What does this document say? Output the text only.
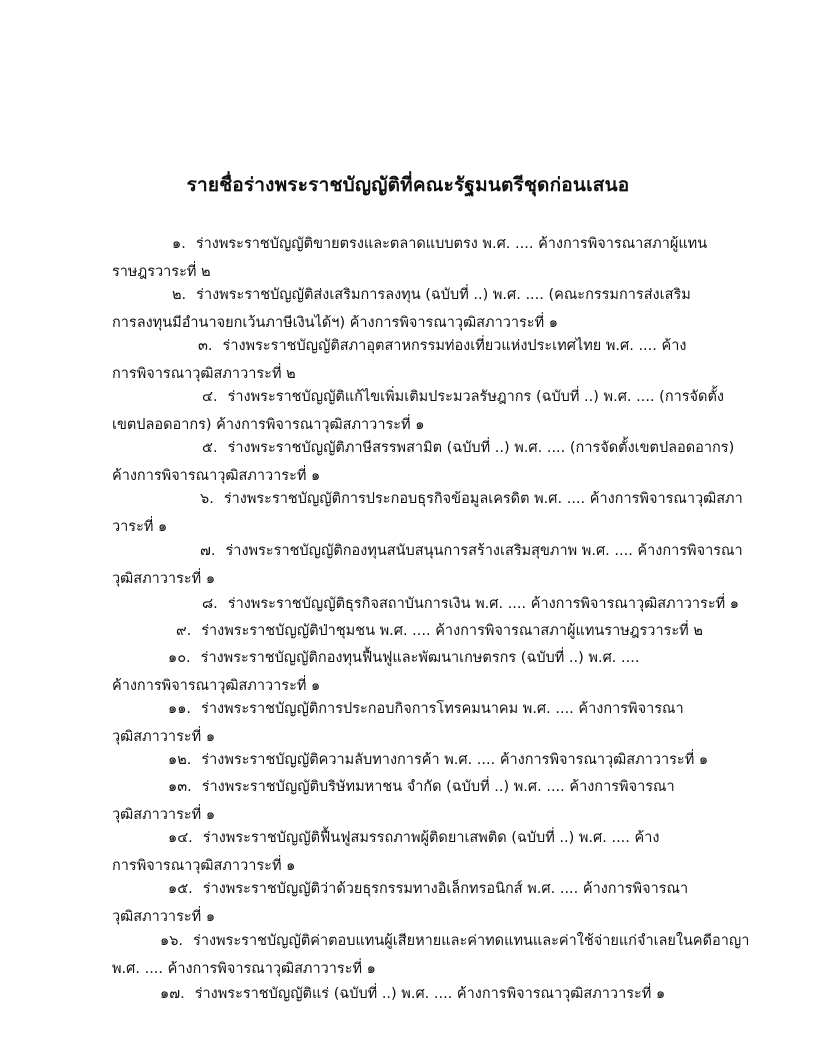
รายชื่อร่างพระราชบัญญัติที่คณะรัฐมนตรีชุดก่อนเสนอ
๑. ร่างพระราชบัญญัติขายตรงและตลาดแบบตรง พ.ศ. .... ค้างการพิจารณาสภาผู้แทน
ราษฎรวาระที่ ๒
๒. ร่างพระราชบัญญัติส่งเสริมการลงทุน (ฉบับที่ ..) พ.ศ. .... (คณะกรรมการส่งเสริม
การลงทุนมีอำนาจยกเว้นภาษีเงินได้ฯ) ค้างการพิจารณาวุฒิสภาวาระที่ ๑
๓. ร่างพระราชบัญญัติสภาอุตสาหกรรมท่องเที่ยวแห่งประเทศไทย พ.ศ. .... ค้าง
การพิจารณาวุฒิสภาวาระที่ ๒
๔. ร่างพระราชบัญญัติแก้ไขเพิ่มเติมประมวลรัษฎากร (ฉบับที่ ..) พ.ศ. .... (การจัดตั้ง
เขตปลอดอากร) ค้างการพิจารณาวุฒิสภาวาระที่ ๑
๕. ร่างพระราชบัญญัติภาษีสรรพสามิต (ฉบับที่ ..) พ.ศ. .... (การจัดตั้งเขตปลอดอากร)
ค้างการพิจารณาวุฒิสภาวาระที่ ๑
๖. ร่างพระราชบัญญัติการประกอบธุรกิจข้อมูลเครดิต พ.ศ. .... ค้างการพิจารณาวุฒิสภา
วาระที่ ๑
๗. ร่างพระราชบัญญัติกองทุนสนับสนุนการสร้างเสริมสุขภาพ พ.ศ. .... ค้างการพิจารณา
วุฒิสภาวาระที่ ๑
๘. ร่างพระราชบัญญัติธุรกิจสถาบันการเงิน พ.ศ. .... ค้างการพิจารณาวุฒิสภาวาระที่ ๑
๙. ร่างพระราชบัญญัติป่าชุมชน พ.ศ. .... ค้างการพิจารณาสภาผู้แทนราษฎรวาระที่ ๒
๑๐. ร่างพระราชบัญญัติกองทุนฟื้นฟูและพัฒนาเกษตรกร (ฉบับที่ ..) พ.ศ. ....
ค้างการพิจารณาวุฒิสภาวาระที่ ๑
๑๑. ร่างพระราชบัญญัติการประกอบกิจการโทรคมนาคม พ.ศ. .... ค้างการพิจารณา
วุฒิสภาวาระที่ ๑
๑๒. ร่างพระราชบัญญัติความลับทางการค้า พ.ศ. .... ค้างการพิจารณาวุฒิสภาวาระที่ ๑
๑๓. ร่างพระราชบัญญัติบริษัทมหาชน จำกัด (ฉบับที่ ..) พ.ศ. .... ค้างการพิจารณา
วุฒิสภาวาระที่ ๑
๑๔. ร่างพระราชบัญญัติฟื้นฟูสมรรถภาพผู้ติดยาเสพติด (ฉบับที่ ..) พ.ศ. .... ค้าง
การพิจารณาวุฒิสภาวาระที่ ๑
๑๕. ร่างพระราชบัญญัติว่าด้วยธุรกรรมทางอิเล็กทรอนิกส์ พ.ศ. .... ค้างการพิจารณา
วุฒิสภาวาระที่ ๑
๑๖. ร่างพระราชบัญญัติค่าตอบแทนผู้เสียหายและค่าทดแทนและค่าใช้จ่ายแก่จำเลยในคดีอาญา
พ.ศ. .... ค้างการพิจารณาวุฒิสภาวาระที่ ๑
๑๗. ร่างพระราชบัญญัติแร่ (ฉบับที่ ..) พ.ศ. .... ค้างการพิจารณาวุฒิสภาวาระที่ ๑
